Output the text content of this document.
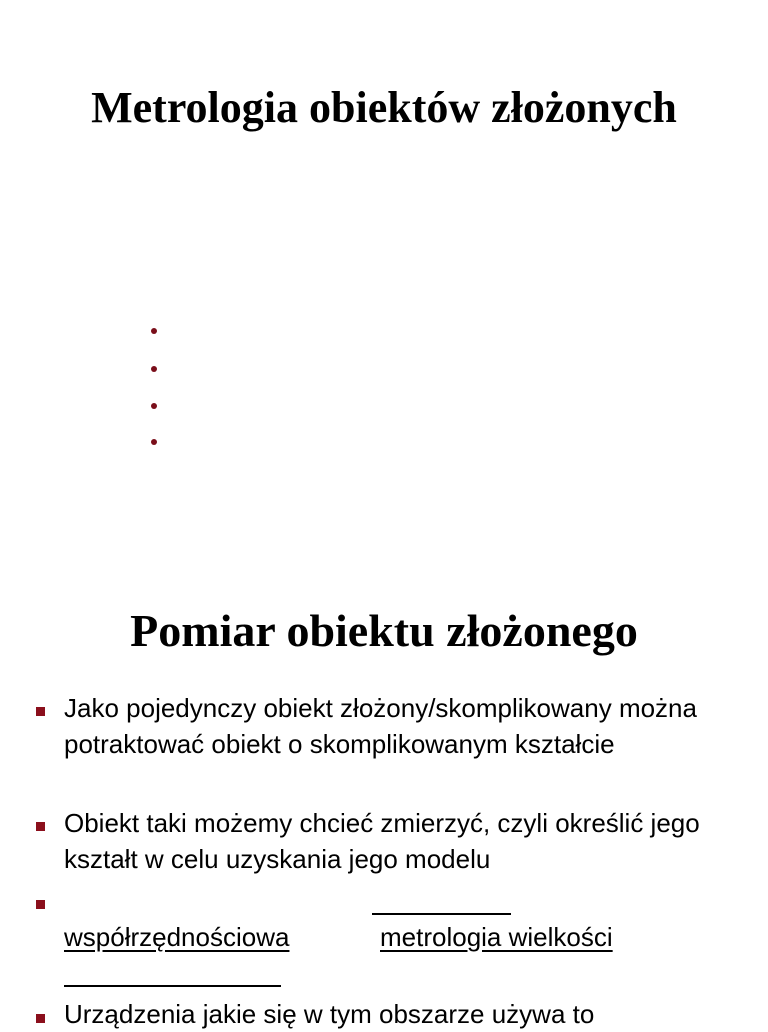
Metrologia obiektów złożonych
Pomiar obiektu złożonego
Jako pojedynczy obiekt złożony/skomplikowany można potraktować obiekt o skomplikowanym kształcie
Obiekt taki możemy chcieć zmierzyć, czyli określić jego kształt w celu uzyskania jego modelu
współrzędnościowa	metrologia wielkości
Urządzenia jakie się w tym obszarze używa to
